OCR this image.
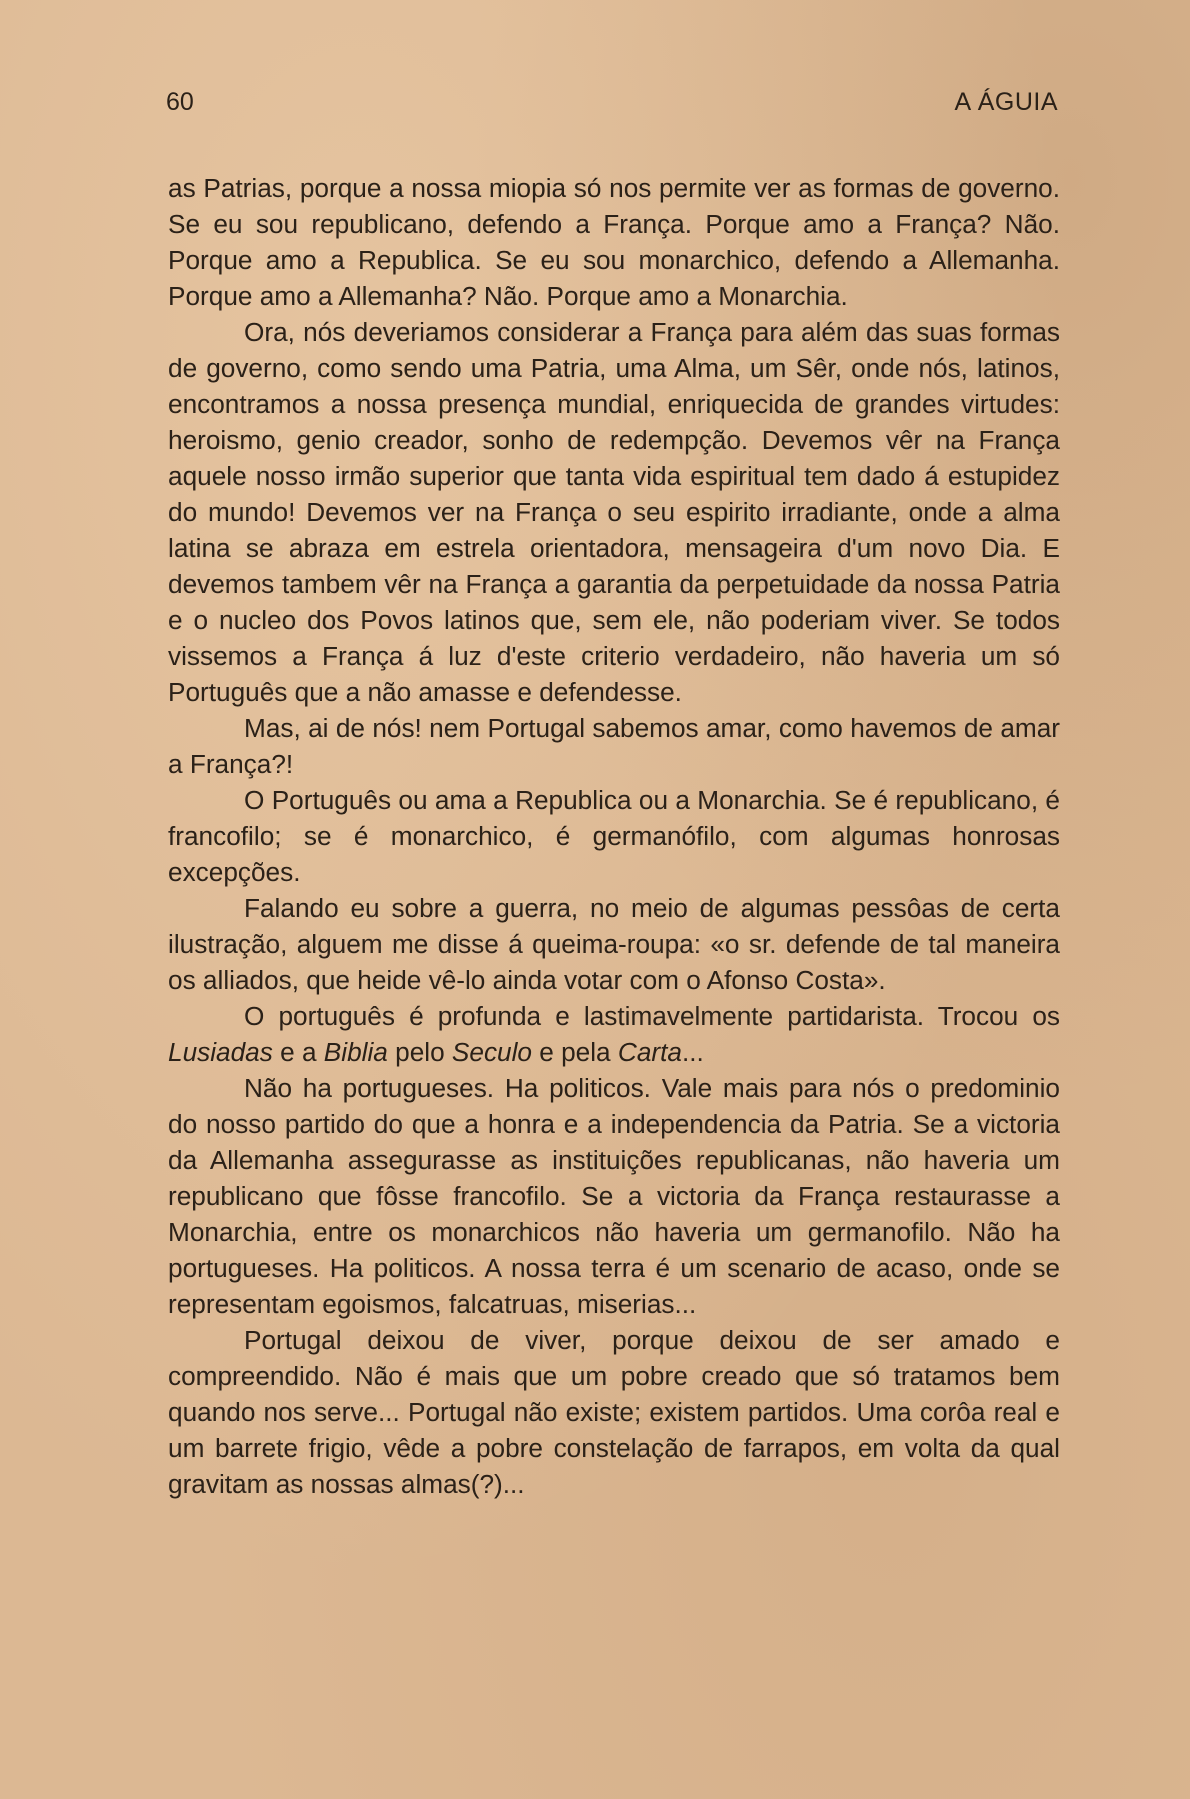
60	A ÁGUIA

as Patrias, porque a nossa miopia só nos permite ver as formas de governo. Se eu sou republicano, defendo a França. Porque amo a França? Não. Porque amo a Republica. Se eu sou monarchico, defendo a Allemanha. Porque amo a Allemanha? Não. Porque amo a Monarchia.

Ora, nós deveriamos considerar a França para além das suas formas de governo, como sendo uma Patria, uma Alma, um Sêr, onde nós, latinos, encontramos a nossa presença mundial, enriquecida de grandes virtudes: heroismo, genio creador, sonho de redempção. Devemos vêr na França aquele nosso irmão superior que tanta vida espiritual tem dado á estupidez do mundo! Devemos ver na França o seu espirito irradiante, onde a alma latina se abraza em estrela orientadora, mensageira d'um novo Dia. E devemos tambem vêr na França a garantia da perpetuidade da nossa Patria e o nucleo dos Povos latinos que, sem ele, não poderiam viver. Se todos vissemos a França á luz d'este criterio verdadeiro, não haveria um só Português que a não amasse e defendesse.

Mas, ai de nós! nem Portugal sabemos amar, como havemos de amar a França?!

O Português ou ama a Republica ou a Monarchia. Se é republicano, é francofilo; se é monarchico, é germanófilo, com algumas honrosas excepções.

Falando eu sobre a guerra, no meio de algumas pessôas de certa ilustração, alguem me disse á queima-roupa: «o sr. defende de tal maneira os alliados, que heide vê-lo ainda votar com o Afonso Costa».

O português é profunda e lastimavelmente partidarista. Trocou os Lusiadas e a Biblia pelo Seculo e pela Carta...

Não ha portugueses. Ha politicos. Vale mais para nós o predominio do nosso partido do que a honra e a independencia da Patria. Se a victoria da Allemanha assegurasse as instituições republicanas, não haveria um republicano que fôsse francofilo. Se a victoria da França restaurasse a Monarchia, entre os monarchicos não haveria um germanofilo. Não ha portugueses. Ha politicos. A nossa terra é um scenario de acaso, onde se representam egoismos, falcatruas, miserias...

Portugal deixou de viver, porque deixou de ser amado e compreendido. Não é mais que um pobre creado que só tratamos bem quando nos serve... Portugal não existe; existem partidos. Uma corôa real e um barrete frigio, vêde a pobre constelação de farrapos, em volta da qual gravitam as nossas almas(?)...
